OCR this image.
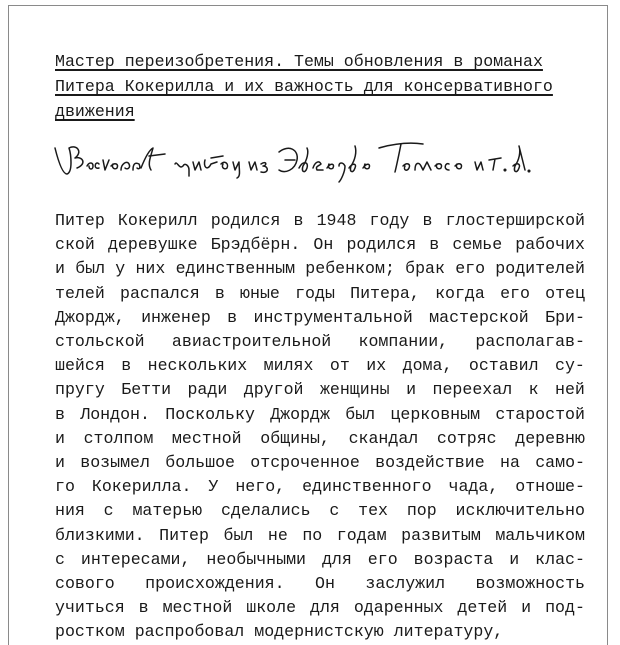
Мастер переизобретения. Темы обновления в романах
Питера Кокерилла и их важность для консервативного
движения
Питер Кокерилл родился в 1948 году в глостерширской
ской деревушке Брэдбёрн. Он родился в семье рабочих
и был у них единственным ребенком; брак его родителей
телей распался в юные годы Питера, когда его отец
Джордж, инженер в инструментальной мастерской Бри-
стольской авиастроительной компании, располагав-
шейся в нескольких милях от их дома, оставил су-
пругу Бетти ради другой женщины и переехал к ней
в Лондон. Поскольку Джордж был церковным старостой
и столпом местной общины, скандал сотряс деревню
и возымел большое отсроченное воздействие на само-
го Кокерилла. У него, единственного чада, отноше-
ния с матерью сделались с тех пор исключительно
близкими. Питер был не по годам развитым мальчиком
с интересами, необычными для его возраста и клас-
сового происхождения. Он заслужил возможность
учиться в местной школе для одаренных детей и под-
ростком распробовал модернистскую литературу,
